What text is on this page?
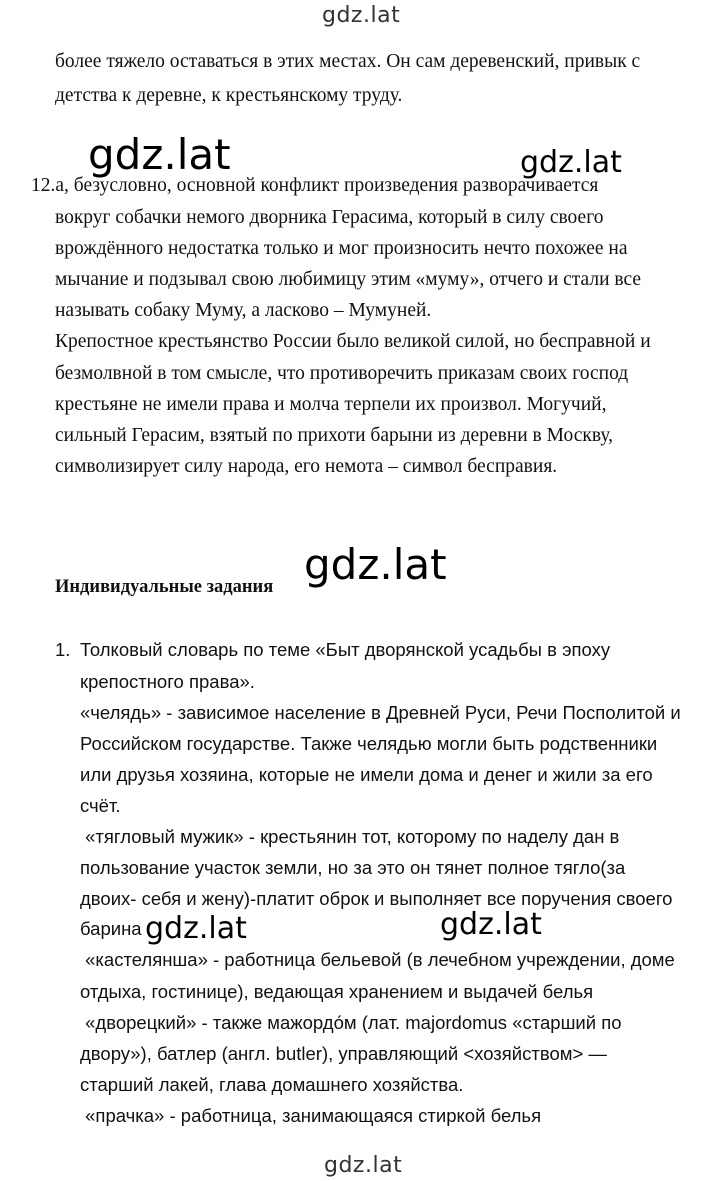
gdz.lat
gdz.lat	gdz.lat
gdz.lat
gdz.lat	gdz.lat
gdz.lat
более тяжело оставаться в этих местах. Он сам деревенский, привык с
детства к деревне, к крестьянскому труду.
12.а, безусловно, основной конфликт произведения разворачивается
вокруг собачки немого дворника Герасима, который в силу своего
врождённого недостатка только и мог произносить нечто похожее на
мычание и подзывал свою любимицу этим «муму», отчего и стали все
называть собаку Муму, а ласково – Мумуней.
Крепостное крестьянство России было великой силой, но бесправной и
безмолвной в том смысле, что противоречить приказам своих господ
крестьяне не имели права и молча терпели их произвол. Могучий,
сильный Герасим, взятый по прихоти барыни из деревни в Москву,
символизирует силу народа, его немота – символ бесправия.
Индивидуальные задания
1. Толковый словарь по теме «Быт дворянской усадьбы в эпоху
крепостного права».
«челядь» - зависимое население в Древней Руси, Речи Посполитой и
Российском государстве. Также челядью могли быть родственники
или друзья хозяина, которые не имели дома и денег и жили за его
счёт.
«тягловый мужик» - крестьянин тот, которому по наделу дан в
пользование участок земли, но за это он тянет полное тягло(за
двоих- себя и жену)-платит оброк и выполняет все поручения своего
барина
«кастелянша» - работница бельевой (в лечебном учреждении, доме
отдыха, гостинице), ведающая хранением и выдачей белья
«дворецкий» - также мажордо́м (лат. majordomus «старший по
двору»), батлер (англ. butler), управляющий <хозяйством> —
старший лакей, глава домашнего хозяйства.
«прачка» - работница, занимающаяся стиркой белья
